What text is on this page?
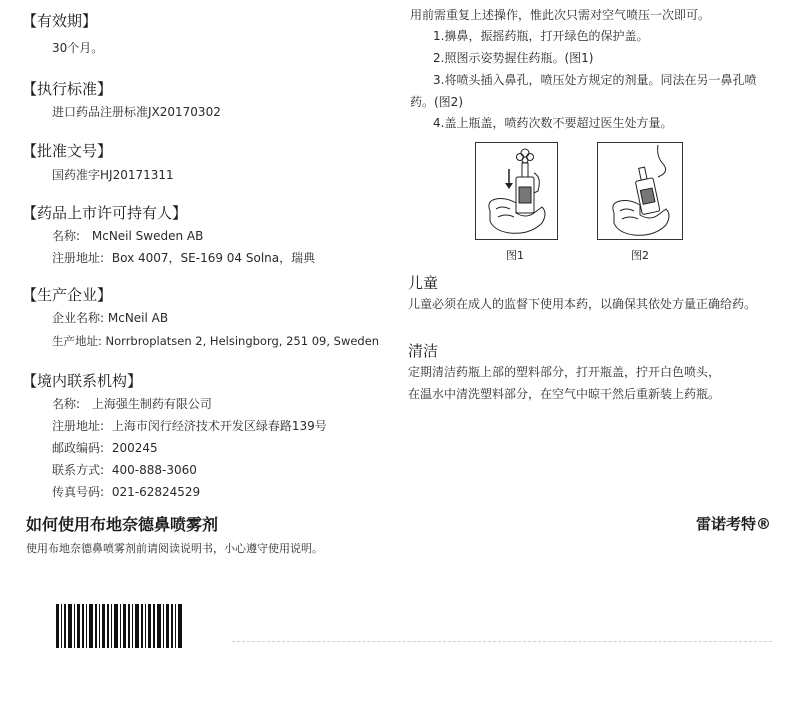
【有效期】
30个月。
【执行标准】
进口药品注册标准JX20170302
【批准文号】
国药准字HJ20171311
【药品上市许可持有人】
名称: McNeil Sweden AB
注册地址: Box 4007，SE-169 04 Solna，瑞典
【生产企业】
企业名称: McNeil AB
生产地址: Norrbroplatsen 2, Helsingborg, 251 09, Sweden
【境内联系机构】
名称: 上海强生制药有限公司
注册地址: 上海市闵行经济技术开发区绿春路139号
邮政编码: 200245
联系方式: 400-888-3060
传真号码: 021-62824529
用前需重复上述操作，惟此次只需对空气喷压一次即可。
1.擤鼻，振摇药瓶，打开绿色的保护盖。
2.照图示姿势握住药瓶。(图1)
3.将喷头插入鼻孔，喷压处方规定的剂量。同法在另一鼻孔喷
药。(图2)
4.盖上瓶盖，喷药次数不要超过医生处方量。
图1	图2
儿童
儿童必须在成人的监督下使用本药，以确保其依处方量正确给药。
清洁
定期清洁药瓶上部的塑料部分，打开瓶盖，拧开白色喷头，
在温水中清洗塑料部分，在空气中晾干然后重新装上药瓶。
如何使用布地奈德鼻喷雾剂
使用布地奈德鼻喷雾剂前请阅读说明书，小心遵守使用说明。
雷诺考特®
